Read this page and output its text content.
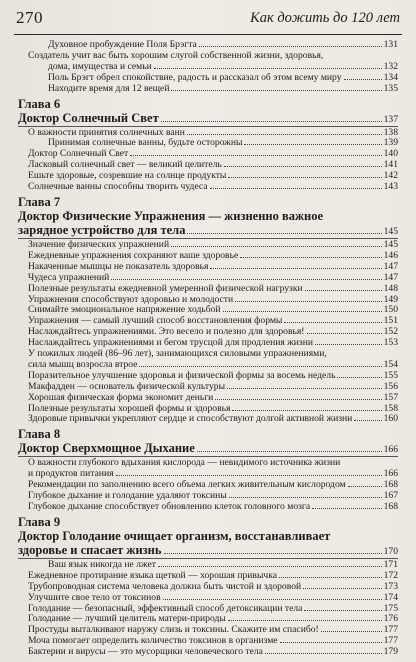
270	Как дожить до 120 лет
Духовное пробуждение Поля Брэгта	131
Создатель учит вас быть хорошим слугой собственной жизни, здоровья,
дома, имущества и семьи	132
Поль Брэгт обрел спокойствие, радость и рассказал об этом всему миру	134
Находите время для 12 вещей	135
Глава 6
Доктор Солнечный Свет	137
О важности принятия солнечных ванн	138
Принимая солнечные ванны, будьте осторожны	139
Доктор Солнечный Свет	140
Ласковый солнечный свет — великий целитель	141
Ешьте здоровые, созревшие на солнце продукты	142
Солнечные ванны способны творить чудеса	143
Глава 7
Доктор Физические Упражнения — жизненно важное
зарядное устройство для тела	145
Значение физических упражнений	145
Ежедневные упражнения сохраняют ваше здоровье	146
Накаченные мышцы не показатель здоровья	147
Чудеса упражнений	147
Полезные результаты ежедневной умеренной физической нагрузки	148
Упражнения способствуют здоровью и молодости	149
Снимайте эмоциональное напряжение ходьбой	150
Упражнения — самый лучший способ восстановления формы	151
Наслаждайтесь упражнениями. Это весело и полезно для здоровья!	152
Наслаждайтесь упражнениями и бегом трусцой для продления жизни	153
У пожилых людей (86–96 лет), занимающихся силовыми упражнениями,
сила мышц возросла втрое	154
Поразительное улучшение здоровья и физической формы за восемь недель	155
Макфадден — основатель физической культуры	156
Хорошая физическая форма экономит деньги	157
Полезные результаты хорошей формы и здоровья	158
Здоровые привычки укрепляют сердце и способствуют долгой активной жизни	160
Глава 8
Доктор Сверхмощное Дыхание	166
О важности глубокого вдыхания кислорода — невидимого источника жизни
и продуктов питания	166
Рекомендации по заполнению всего объема легких живительным кислородом	168
Глубокое дыхание и голодание удаляют токсины	167
Глубокое дыхание способствует обновлению клеток головного мозга	168
Глава 9
Доктор Голодание очищает организм, восстанавливает
здоровье и спасает жизнь	170
Ваш язык никогда не лжет	171
Ежедневное протирание языка щеткой — хорошая привычка	172
Трубопроводная система человека должна быть чистой и здоровой	173
Улучшите свое тело от токсинов	174
Голодание — безопасный, эффективный способ детоксикации тела	175
Голодание — лучший целитель матери-природы	176
Простуды выталкивают наружу слизь и токсины. Скажите им спасибо!	177
Моча помогает определить количество токсинов в организме	177
Бактерии и вирусы — это мусорщики человеческого тела	179
